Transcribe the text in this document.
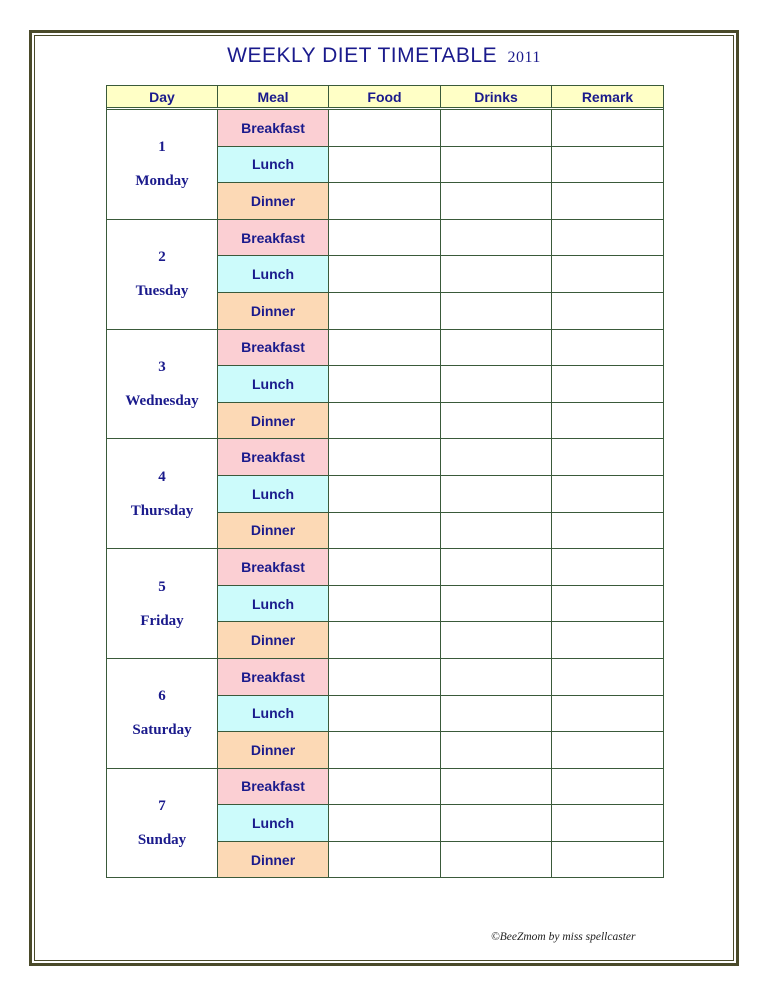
WEEKLY DIET TIMETABLE 2011
Day	Meal	Food	Drinks	Remark

1
Monday	Breakfast			
	Lunch			
	Dinner			

2
Tuesday	Breakfast			
	Lunch			
	Dinner			

3
Wednesday	Breakfast			
	Lunch			
	Dinner			

4
Thursday	Breakfast			
	Lunch			
	Dinner			

5
Friday	Breakfast			
	Lunch			
	Dinner			

6
Saturday	Breakfast			
	Lunch			
	Dinner			

7
Sunday	Breakfast			
	Lunch			
	Dinner			
©BeeZmom by miss spellcaster
